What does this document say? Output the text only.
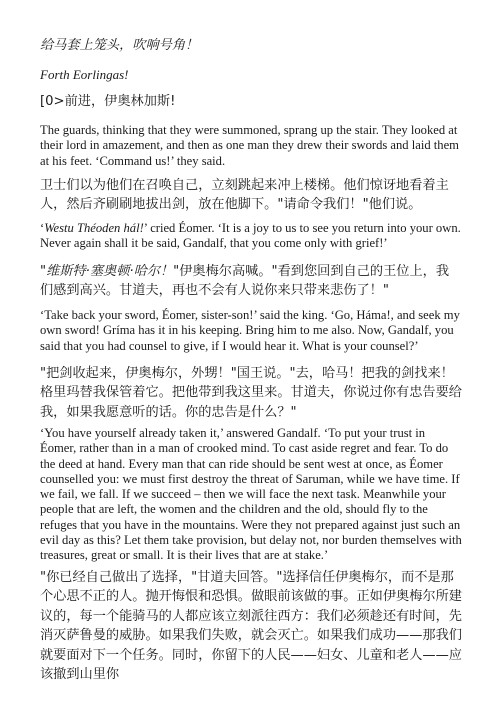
给马套上笼头，吹响号角！

Forth Eorlingas!

[0>前进，伊奥林加斯!

The guards, thinking that they were summoned, sprang up the stair. They looked at their lord in amazement, and then as one man they drew their swords and laid them at his feet. ‘Command us!’ they said.

卫士们以为他们在召唤自己，立刻跳起来冲上楼梯。他们惊讶地看着主人，然后齐刷刷地拔出剑，放在他脚下。"请命令我们！"他们说。

‘Westu Théoden hál!’ cried Éomer. ‘It is a joy to us to see you return into your own. Never again shall it be said, Gandalf, that you come only with grief!’

"维斯特·塞奥顿·哈尔！"伊奥梅尔高喊。"看到您回到自己的王位上，我们感到高兴。甘道夫，再也不会有人说你来只带来悲伤了！"

‘Take back your sword, Éomer, sister-son!’ said the king. ‘Go, Háma!, and seek my own sword! Gríma has it in his keeping. Bring him to me also. Now, Gandalf, you said that you had counsel to give, if I would hear it. What is your counsel?’

"把剑收起来，伊奥梅尔，外甥！"国王说。"去，哈马！把我的剑找来！格里玛替我保管着它。把他带到我这里来。甘道夫，你说过你有忠告要给我，如果我愿意听的话。你的忠告是什么？"

‘You have yourself already taken it,’ answered Gandalf. ‘To put your trust in Éomer, rather than in a man of crooked mind. To cast aside regret and fear. To do the deed at hand. Every man that can ride should be sent west at once, as Éomer counselled you: we must first destroy the threat of Saruman, while we have time. If we fail, we fall. If we succeed – then we will face the next task. Meanwhile your people that are left, the women and the children and the old, should fly to the refuges that you have in the mountains. Were they not prepared against just such an evil day as this? Let them take provision, but delay not, nor burden themselves with treasures, great or small. It is their lives that are at stake.’

"你已经自己做出了选择，"甘道夫回答。"选择信任伊奥梅尔，而不是那个心思不正的人。抛开悔恨和恐惧。做眼前该做的事。正如伊奥梅尔所建议的，每一个能骑马的人都应该立刻派往西方：我们必须趁还有时间，先消灭萨鲁曼的威胁。如果我们失败，就会灭亡。如果我们成功——那我们就要面对下一个任务。同时，你留下的人民——妇女、儿童和老人——应该撤到山里你
